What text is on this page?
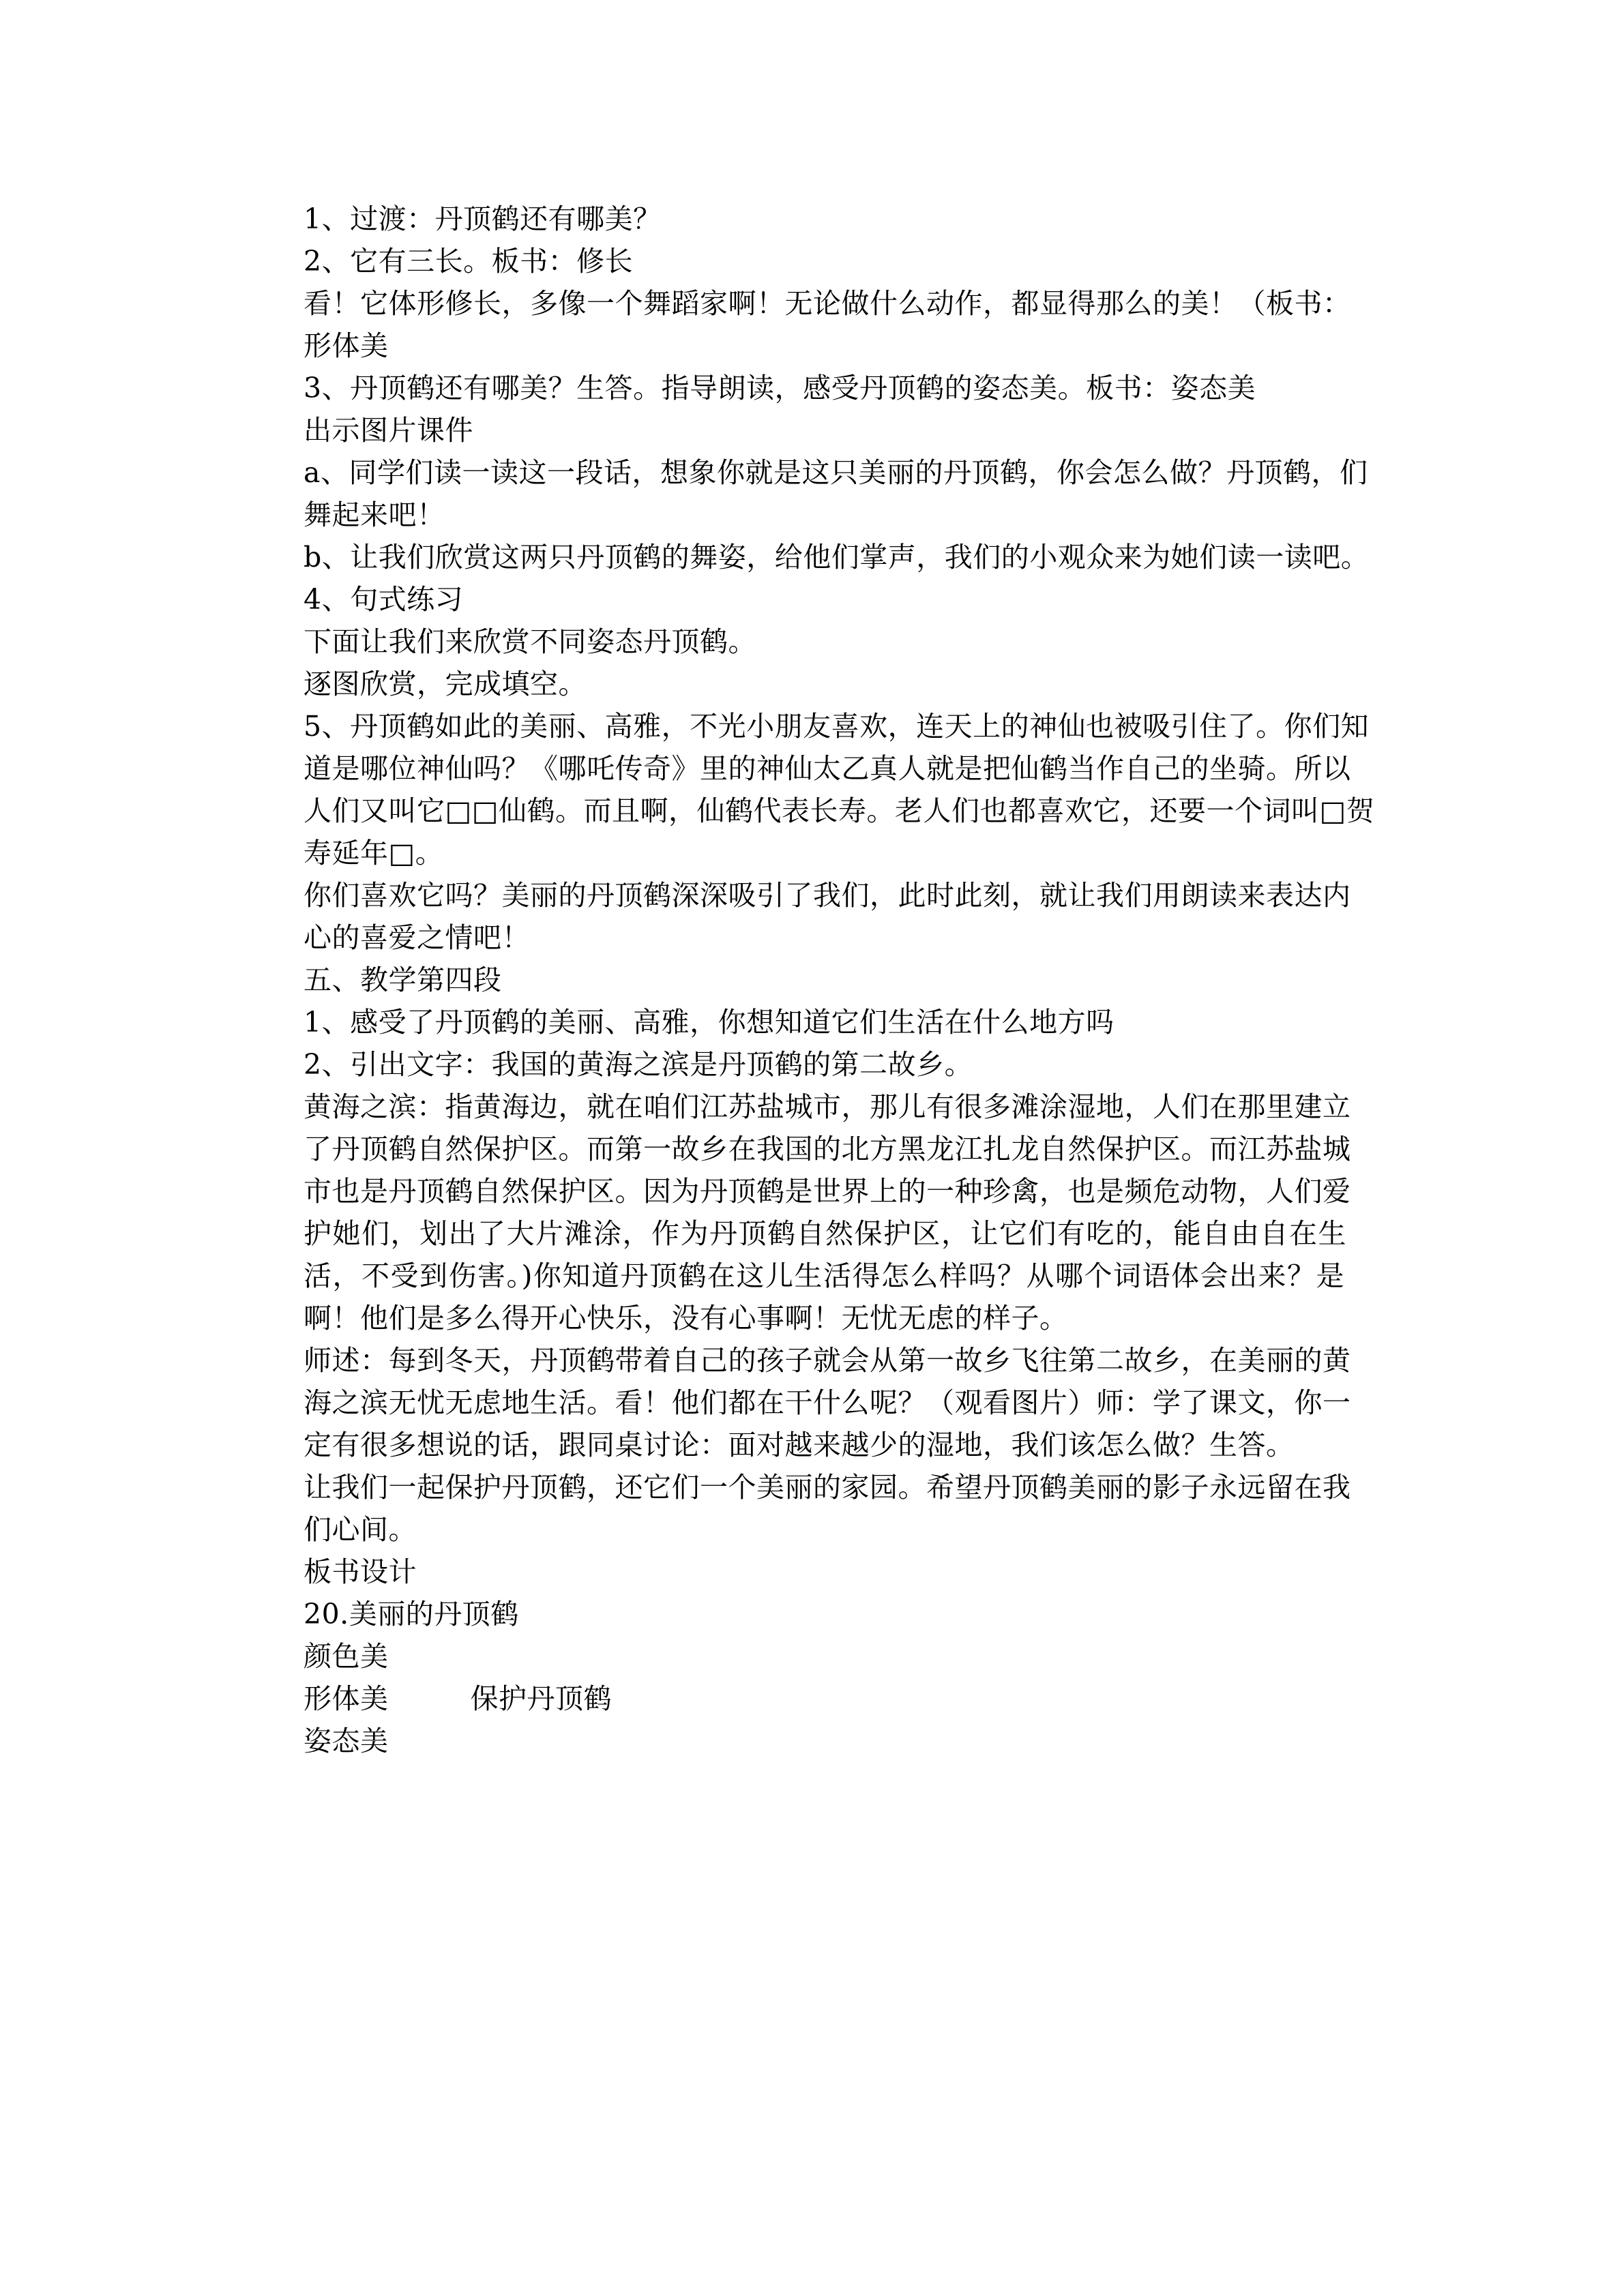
1、过渡：丹顶鹤还有哪美？
2、它有三长。板书：修长
看！它体形修长，多像一个舞蹈家啊！无论做什么动作，都显得那么的美！（板书：
形体美
3、丹顶鹤还有哪美？生答。指导朗读，感受丹顶鹤的姿态美。板书：姿态美
出示图片课件
a、同学们读一读这一段话，想象你就是这只美丽的丹顶鹤，你会怎么做？丹顶鹤，们
舞起来吧！
b、让我们欣赏这两只丹顶鹤的舞姿，给他们掌声，我们的小观众来为她们读一读吧。
4、句式练习
下面让我们来欣赏不同姿态丹顶鹤。
逐图欣赏，完成填空。
5、丹顶鹤如此的美丽、高雅，不光小朋友喜欢，连天上的神仙也被吸引住了。你们知
道是哪位神仙吗？《哪吒传奇》里的神仙太乙真人就是把仙鹤当作自己的坐骑。所以
人们又叫它□□仙鹤。而且啊，仙鹤代表长寿。老人们也都喜欢它，还要一个词叫□贺
寿延年□。
你们喜欢它吗？美丽的丹顶鹤深深吸引了我们，此时此刻，就让我们用朗读来表达内
心的喜爱之情吧！
五、教学第四段
1、感受了丹顶鹤的美丽、高雅，你想知道它们生活在什么地方吗
2、引出文字：我国的黄海之滨是丹顶鹤的第二故乡。
黄海之滨：指黄海边，就在咱们江苏盐城市，那儿有很多滩涂湿地，人们在那里建立
了丹顶鹤自然保护区。而第一故乡在我国的北方黑龙江扎龙自然保护区。而江苏盐城
市也是丹顶鹤自然保护区。因为丹顶鹤是世界上的一种珍禽，也是频危动物，人们爱
护她们，划出了大片滩涂，作为丹顶鹤自然保护区，让它们有吃的，能自由自在生
活，不受到伤害。)你知道丹顶鹤在这儿生活得怎么样吗？从哪个词语体会出来？是
啊！他们是多么得开心快乐，没有心事啊！无忧无虑的样子。
师述：每到冬天，丹顶鹤带着自己的孩子就会从第一故乡飞往第二故乡，在美丽的黄
海之滨无忧无虑地生活。看！他们都在干什么呢？（观看图片）师：学了课文，你一
定有很多想说的话，跟同桌讨论：面对越来越少的湿地，我们该怎么做？生答。
让我们一起保护丹顶鹤，还它们一个美丽的家园。希望丹顶鹤美丽的影子永远留在我
们心间。
板书设计
20.美丽的丹顶鹤
颜色美
形体美	保护丹顶鹤
姿态美
